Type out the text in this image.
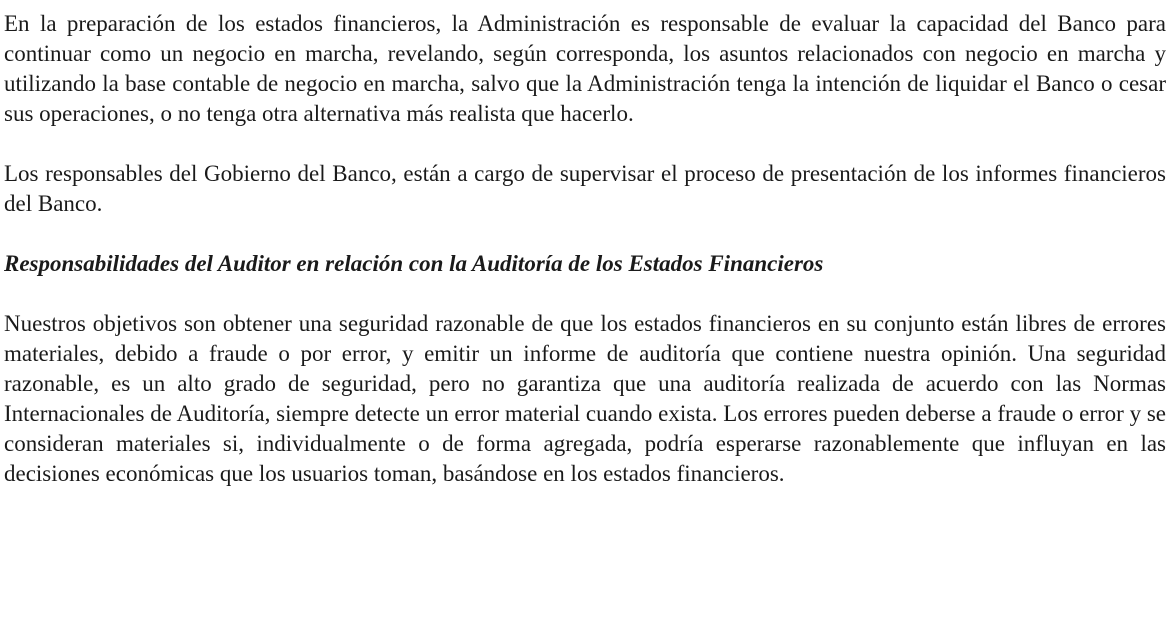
En la preparación de los estados financieros, la Administración es responsable de evaluar la capacidad del Banco para continuar como un negocio en marcha, revelando, según corresponda, los asuntos relacionados con negocio en marcha y utilizando la base contable de negocio en marcha, salvo que la Administración tenga la intención de liquidar el Banco o cesar sus operaciones, o no tenga otra alternativa más realista que hacerlo.

Los responsables del Gobierno del Banco, están a cargo de supervisar el proceso de presentación de los informes financieros del Banco.

Responsabilidades del Auditor en relación con la Auditoría de los Estados Financieros

Nuestros objetivos son obtener una seguridad razonable de que los estados financieros en su conjunto están libres de errores materiales, debido a fraude o por error, y emitir un informe de auditoría que contiene nuestra opinión. Una seguridad razonable, es un alto grado de seguridad, pero no garantiza que una auditoría realizada de acuerdo con las Normas Internacionales de Auditoría, siempre detecte un error material cuando exista. Los errores pueden deberse a fraude o error y se consideran materiales si, individualmente o de forma agregada, podría esperarse razonablemente que influyan en las decisiones económicas que los usuarios toman, basándose en los estados financieros.
